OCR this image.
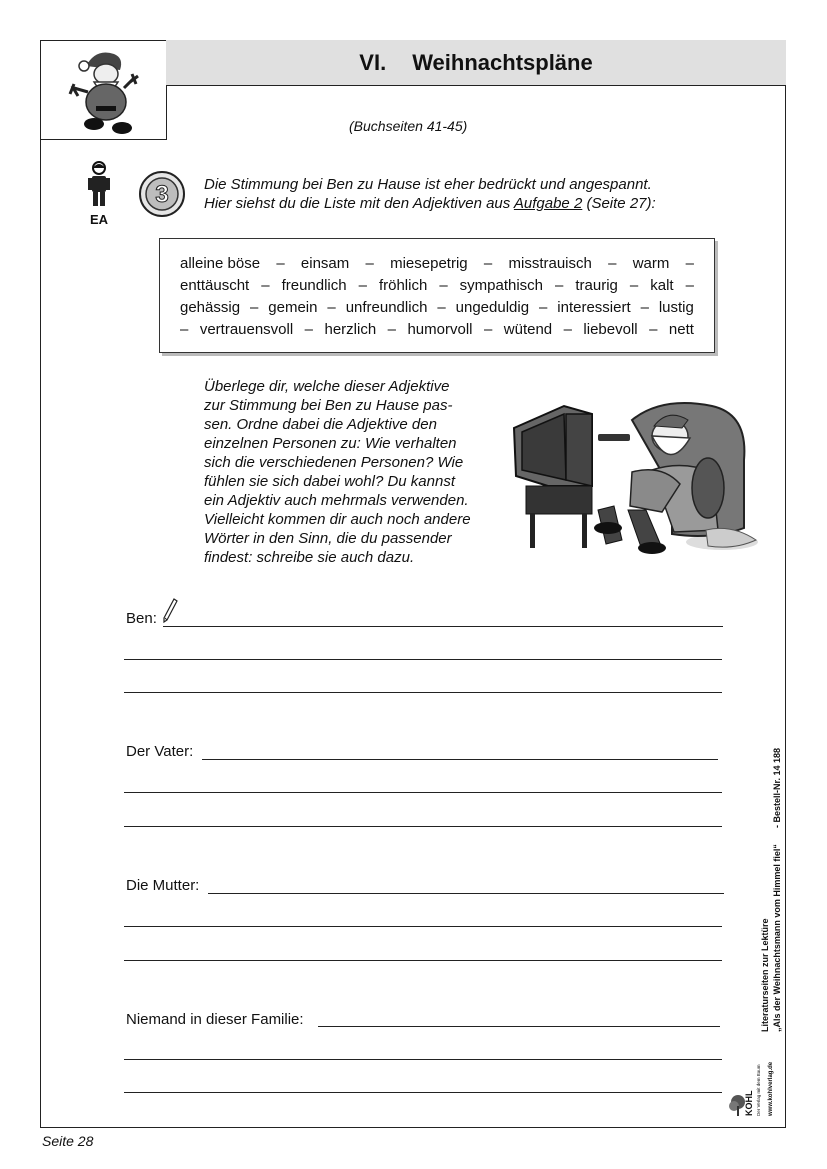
VI. Weihnachtspläne
(Buchseiten 41-45)
EA
3 Die Stimmung bei Ben zu Hause ist eher bedrückt und angespannt.
Hier siehst du die Liste mit den Adjektiven aus Aufgabe 2 (Seite 27):
alleine böse – einsam – miesepetrig – misstrauisch – warm –
enttäuscht – freundlich – fröhlich – sympathisch – traurig – kalt –
gehässig – gemein – unfreundlich – ungeduldig – interessiert – lustig
– vertrauensvoll – herzlich – humorvoll – wütend – liebevoll – nett
Überlege dir, welche dieser Adjektive
zur Stimmung bei Ben zu Hause pas-
sen. Ordne dabei die Adjektive den
einzelnen Personen zu: Wie verhalten
sich die verschiedenen Personen? Wie
fühlen sie sich dabei wohl? Du kannst
ein Adjektiv auch mehrmals verwenden.
Vielleicht kommen dir auch noch andere
Wörter in den Sinn, die du passender
findest: schreibe sie auch dazu.
Ben:
Der Vater:
Die Mutter:
Niemand in dieser Familie:	Literaturseiten zur Lektüre „Als der Weihnachtsmann vom Himmel fiel“
- Bestell-Nr. 14 188
KOHL Der Verlag mit dem Baum www.kohlverlag.de
Seite 28
